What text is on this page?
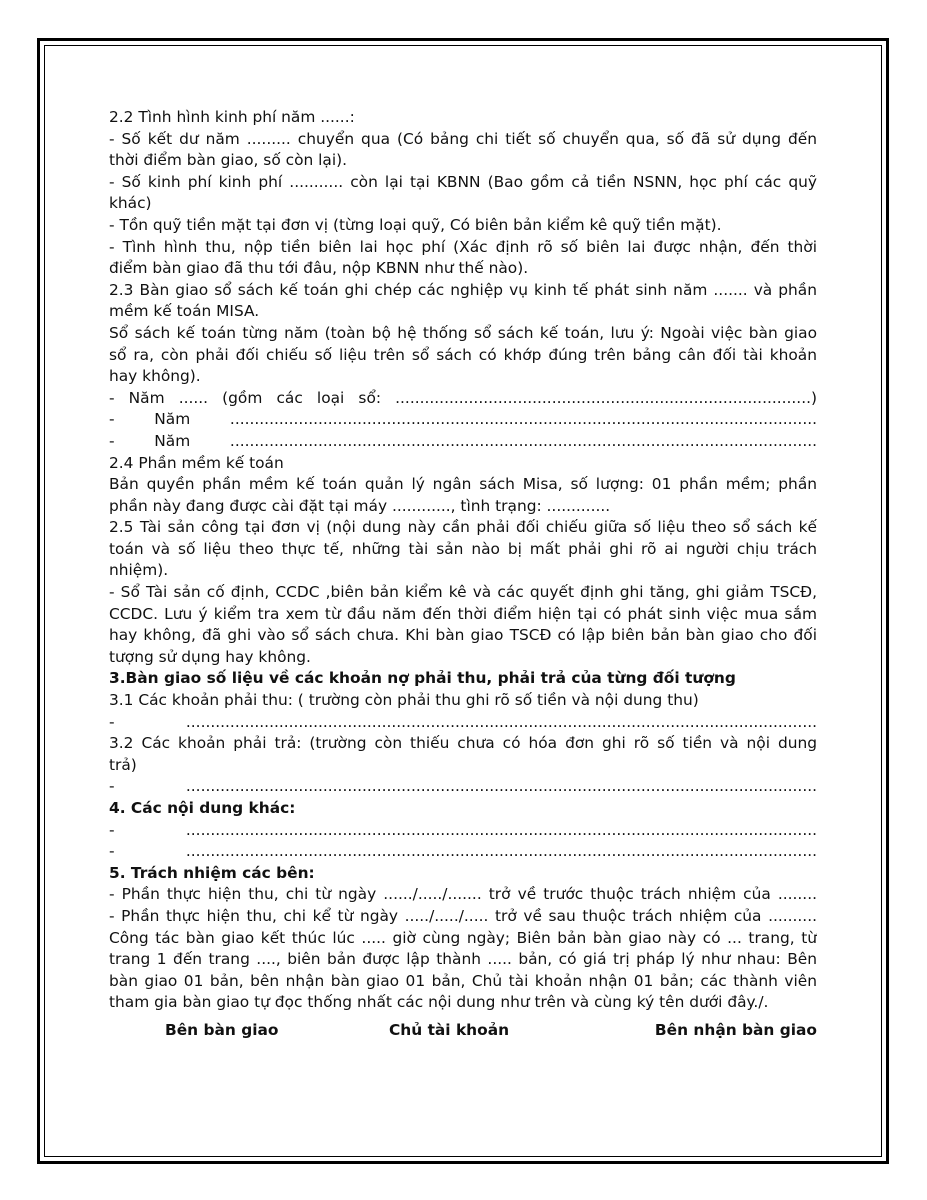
2.2 Tình hình kinh phí năm ......:
- Số kết dư năm ......... chuyển qua (Có bảng chi tiết số chuyển qua, số đã sử dụng đến
thời điểm bàn giao, số còn lại).
- Số kinh phí kinh phí ........... còn lại tại KBNN (Bao gồm cả tiền NSNN, học phí các quỹ
khác)
- Tồn quỹ tiền mặt tại đơn vị (từng loại quỹ, Có biên bản kiểm kê quỹ tiền mặt).
- Tình hình thu, nộp tiền biên lai học phí (Xác định rõ số biên lai được nhận, đến thời
điểm bàn giao đã thu tới đâu, nộp KBNN như thế nào).
2.3 Bàn giao sổ sách kế toán ghi chép các nghiệp vụ kinh tế phát sinh năm ....... và phần
mềm kế toán MISA.
Sổ sách kế toán từng năm (toàn bộ hệ thống sổ sách kế toán, lưu ý: Ngoài việc bàn giao
sổ ra, còn phải đối chiếu số liệu trên sổ sách có khớp đúng trên bảng cân đối tài khoản
hay không).
- Năm ...... (gồm các loại sổ: .....................................................................................)
- Năm ........................................................................................................................
- Năm ........................................................................................................................
2.4 Phần mềm kế toán
Bản quyền phần mềm kế toán quản lý ngân sách Misa, số lượng: 01 phần mềm; phần
phần này đang được cài đặt tại máy ............, tình trạng: .............
2.5 Tài sản công tại đơn vị (nội dung này cần phải đối chiếu giữa số liệu theo sổ sách kế
toán và số liệu theo thực tế, những tài sản nào bị mất phải ghi rõ ai người chịu trách
nhiệm).
- Sổ Tài sản cố định, CCDC ,biên bản kiểm kê và các quyết định ghi tăng, ghi giảm TSCĐ,
CCDC. Lưu ý kiểm tra xem từ đầu năm đến thời điểm hiện tại có phát sinh việc mua sắm
hay không, đã ghi vào sổ sách chưa. Khi bàn giao TSCĐ có lập biên bản bàn giao cho đối
tượng sử dụng hay không.
3.Bàn giao số liệu về các khoản nợ phải thu, phải trả của từng đối tượng
3.1 Các khoản phải thu: ( trường còn phải thu ghi rõ số tiền và nội dung thu)
- .................................................................................................................................
3.2 Các khoản phải trả: (trường còn thiếu chưa có hóa đơn ghi rõ số tiền và nội dung
trả)
- .................................................................................................................................
4. Các nội dung khác:
- .................................................................................................................................
- .................................................................................................................................
5. Trách nhiệm các bên:
- Phần thực hiện thu, chi từ ngày ....../...../....... trở về trước thuộc trách nhiệm của ........
- Phần thực hiện thu, chi kể từ ngày ...../...../..... trở về sau thuộc trách nhiệm của ..........
Công tác bàn giao kết thúc lúc ..... giờ cùng ngày; Biên bản bàn giao này có ... trang, từ
trang 1 đến trang ...., biên bản được lập thành ..... bản, có giá trị pháp lý như nhau: Bên
bàn giao 01 bản, bên nhận bàn giao 01 bản, Chủ tài khoản nhận 01 bản; các thành viên
tham gia bàn giao tự đọc thống nhất các nội dung như trên và cùng ký tên dưới đây./.
Bên bàn giao	Chủ tài khoản	Bên nhận bàn giao
